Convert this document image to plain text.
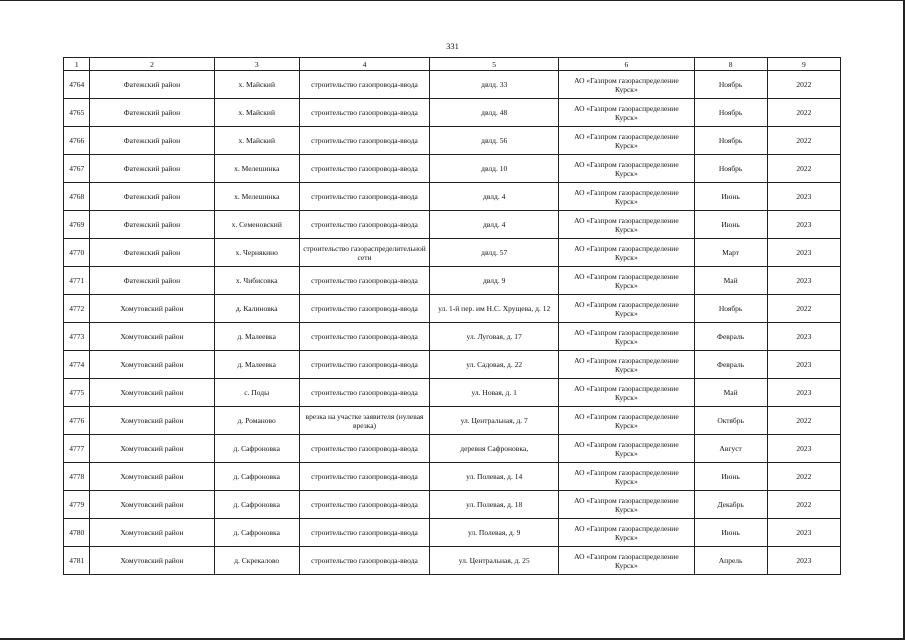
331
1	2	3	4	5	6	8	9
4764	Фатежский район	х. Майский	строительство газопровода-ввода	двлд. 33	АО «Газпром газораспределение Курск»	Ноябрь	2022
4765	Фатежский район	х. Майский	строительство газопровода-ввода	двлд. 48	АО «Газпром газораспределение Курск»	Ноябрь	2022
4766	Фатежский район	х. Майский	строительство газопровода-ввода	двлд. 56	АО «Газпром газораспределение Курск»	Ноябрь	2022
4767	Фатежский район	х. Мелешинка	строительство газопровода-ввода	двлд. 10	АО «Газпром газораспределение Курск»	Ноябрь	2022
4768	Фатежский район	х. Мелешинка	строительство газопровода-ввода	двлд. 4	АО «Газпром газораспределение Курск»	Июнь	2023
4769	Фатежский район	х. Семеновский	строительство газопровода-ввода	двлд. 4	АО «Газпром газораспределение Курск»	Июнь	2023
4770	Фатежский район	х. Чернякино	строительство газораспределительной сети	двлд. 57	АО «Газпром газораспределение Курск»	Март	2023
4771	Фатежский район	х. Чибисовка	строительство газопровода-ввода	двлд. 9	АО «Газпром газораспределение Курск»	Май	2023
4772	Хомутовский район	д. Калиновка	строительство газопровода-ввода	ул. 1-й пер. им Н.С. Хрущева, д. 12	АО «Газпром газораспределение Курск»	Ноябрь	2022
4773	Хомутовский район	д. Малеевка	строительство газопровода-ввода	ул. Луговая, д. 17	АО «Газпром газораспределение Курск»	Февраль	2023
4774	Хомутовский район	д. Малеевка	строительство газопровода-ввода	ул. Садовая, д. 22	АО «Газпром газораспределение Курск»	Февраль	2023
4775	Хомутовский район	с. Поды	строительство газопровода-ввода	ул. Новая, д. 1	АО «Газпром газораспределение Курск»	Май	2023
4776	Хомутовский район	д. Романово	врезка на участке заявителя (нулевая врезка)	ул. Центральная, д. 7	АО «Газпром газораспределение Курск»	Октябрь	2022
4777	Хомутовский район	д. Сафроновка	строительство газопровода-ввода	деревня Сафроновка,	АО «Газпром газораспределение Курск»	Август	2023
4778	Хомутовский район	д. Сафроновка	строительство газопровода-ввода	ул. Полевая, д. 14	АО «Газпром газораспределение Курск»	Июнь	2022
4779	Хомутовский район	д. Сафроновка	строительство газопровода-ввода	ул. Полевая, д. 18	АО «Газпром газораспределение Курск»	Декабрь	2022
4780	Хомутовский район	д. Сафроновка	строительство газопровода-ввода	ул. Полевая, д. 9	АО «Газпром газораспределение Курск»	Июнь	2023
4781	Хомутовский район	д. Скрекалово	строительство газопровода-ввода	ул. Центральная, д. 25	АО «Газпром газораспределение Курск»	Апрель	2023
